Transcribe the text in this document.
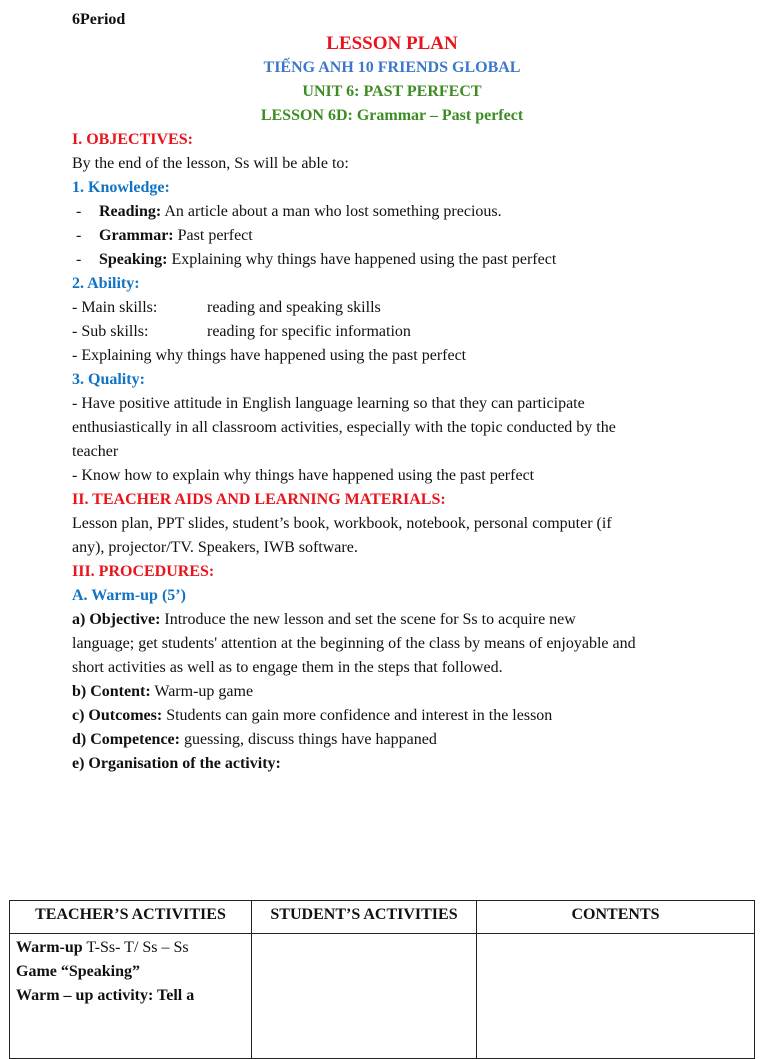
6Period
LESSON PLAN
TIẾNG ANH 10 FRIENDS GLOBAL
UNIT 6: PAST PERFECT
LESSON 6D: Grammar – Past perfect
I. OBJECTIVES:
By the end of the lesson, Ss will be able to:
1. Knowledge:
- Reading: An article about a man who lost something precious.
- Grammar: Past perfect
- Speaking: Explaining why things have happened using the past perfect
2. Ability:
- Main skills:	reading and speaking skills
- Sub skills:	reading for specific information
- Explaining why things have happened using the past perfect
3. Quality:
- Have positive attitude in English language learning so that they can participate
enthusiastically in all classroom activities, especially with the topic conducted by the
teacher
- Know how to explain why things have happened using the past perfect
II. TEACHER AIDS AND LEARNING MATERIALS:
Lesson plan, PPT slides, student’s book, workbook, notebook, personal computer (if
any), projector/TV. Speakers, IWB software.
III. PROCEDURES:
A. Warm-up (5’)
a) Objective: Introduce the new lesson and set the scene for Ss to acquire new
language; get students' attention at the beginning of the class by means of enjoyable and
short activities as well as to engage them in the steps that followed.
b) Content: Warm-up game
c) Outcomes: Students can gain more confidence and interest in the lesson
d) Competence: guessing, discuss things have happaned
e) Organisation of the activity:
TEACHER’S ACTIVITIES	STUDENT’S ACTIVITIES	CONTENTS

Warm-up T-Ss- T/ Ss – Ss
Game “Speaking”
Warm – up activity: Tell a		
